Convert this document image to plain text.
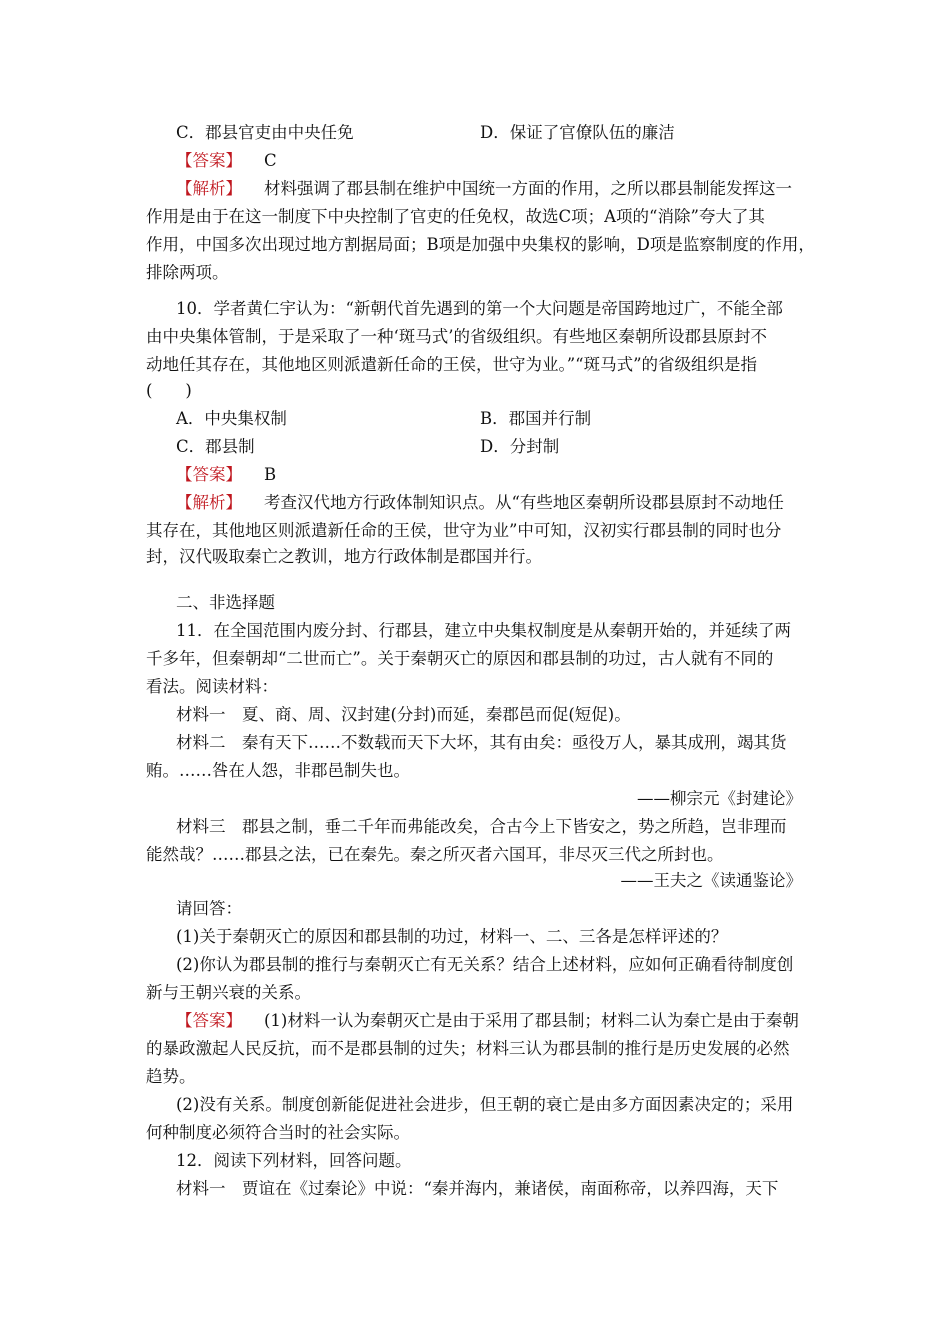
C．郡县官吏由中央任免	D．保证了官僚队伍的廉洁
【答案】 C
【解析】 材料强调了郡县制在维护中国统一方面的作用，之所以郡县制能发挥这一
作用是由于在这一制度下中央控制了官吏的任免权，故选C项；A项的“消除”夸大了其
作用，中国多次出现过地方割据局面；B项是加强中央集权的影响，D项是监察制度的作用，
排除两项。
10．学者黄仁宇认为：“新朝代首先遇到的第一个大问题是帝国跨地过广，不能全部
由中央集体管制，于是采取了一种‘斑马式’的省级组织。有些地区秦朝所设郡县原封不
动地任其存在，其他地区则派遣新任命的王侯，世守为业。”“斑马式”的省级组织是指
(　　)
A．中央集权制	B．郡国并行制
C．郡县制	D．分封制
【答案】 B
【解析】 考查汉代地方行政体制知识点。从“有些地区秦朝所设郡县原封不动地任
其存在，其他地区则派遣新任命的王侯，世守为业”中可知，汉初实行郡县制的同时也分
封，汉代吸取秦亡之教训，地方行政体制是郡国并行。
二、非选择题
11．在全国范围内废分封、行郡县，建立中央集权制度是从秦朝开始的，并延续了两
千多年，但秦朝却“二世而亡”。关于秦朝灭亡的原因和郡县制的功过，古人就有不同的
看法。阅读材料：
材料一　夏、商、周、汉封建(分封)而延，秦郡邑而促(短促)。
材料二　秦有天下……不数载而天下大坏，其有由矣：亟役万人，暴其成刑，竭其货
贿。……咎在人怨，非郡邑制失也。
——柳宗元《封建论》
材料三　郡县之制，垂二千年而弗能改矣，合古今上下皆安之，势之所趋，岂非理而
能然哉？……郡县之法，已在秦先。秦之所灭者六国耳，非尽灭三代之所封也。
——王夫之《读通鉴论》
请回答：
(1)关于秦朝灭亡的原因和郡县制的功过，材料一、二、三各是怎样评述的？
(2)你认为郡县制的推行与秦朝灭亡有无关系？结合上述材料，应如何正确看待制度创
新与王朝兴衰的关系。
【答案】 (1)材料一认为秦朝灭亡是由于采用了郡县制；材料二认为秦亡是由于秦朝
的暴政激起人民反抗，而不是郡县制的过失；材料三认为郡县制的推行是历史发展的必然
趋势。
(2)没有关系。制度创新能促进社会进步，但王朝的衰亡是由多方面因素决定的；采用
何种制度必须符合当时的社会实际。
12．阅读下列材料，回答问题。
材料一　贾谊在《过秦论》中说：“秦并海内，兼诸侯，南面称帝，以养四海，天下
